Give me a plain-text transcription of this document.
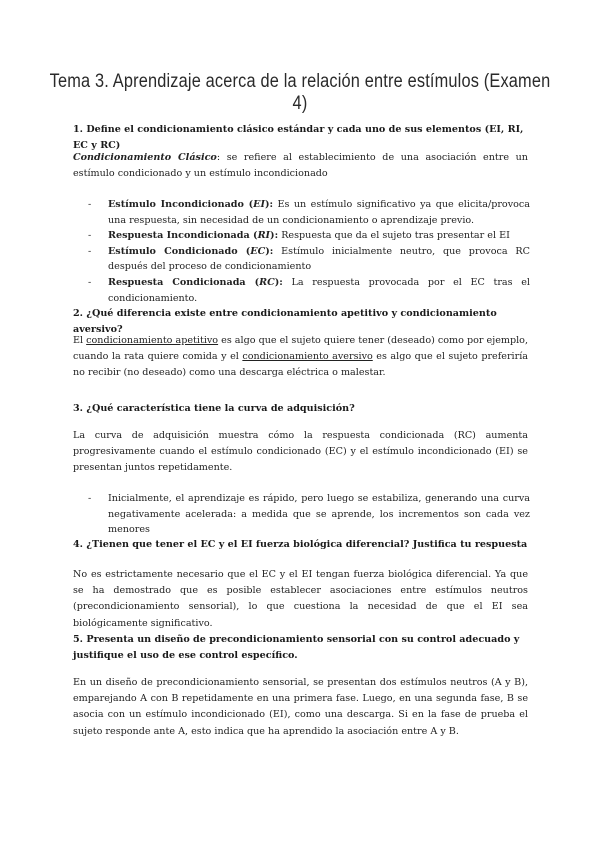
Tema 3. Aprendizaje acerca de la relación entre estímulos (Examen 4)
1. Define el condicionamiento clásico estándar y cada uno de sus elementos (EI, RI, EC y RC)
Condicionamiento Clásico: se refiere al establecimiento de una asociación entre un estímulo condicionado y un estímulo incondicionado
- Estímulo Incondicionado (EI): Es un estímulo significativo ya que elicita/provoca una respuesta, sin necesidad de un condicionamiento o aprendizaje previo.
- Respuesta Incondicionada (RI): Respuesta que da el sujeto tras presentar el EI
- Estímulo Condicionado (EC): Estímulo inicialmente neutro, que provoca RC después del proceso de condicionamiento
- Respuesta Condicionada (RC): La respuesta provocada por el EC tras el condicionamiento.
2. ¿Qué diferencia existe entre condicionamiento apetitivo y condicionamiento aversivo?
El condicionamiento apetitivo es algo que el sujeto quiere tener (deseado) como por ejemplo, cuando la rata quiere comida y el condicionamiento aversivo es algo que el sujeto preferiría no recibir (no deseado) como una descarga eléctrica o malestar.
3. ¿Qué característica tiene la curva de adquisición?
La curva de adquisición muestra cómo la respuesta condicionada (RC) aumenta progresivamente cuando el estímulo condicionado (EC) y el estímulo incondicionado (EI) se presentan juntos repetidamente.
- Inicialmente, el aprendizaje es rápido, pero luego se estabiliza, generando una curva negativamente acelerada: a medida que se aprende, los incrementos son cada vez menores
4. ¿Tienen que tener el EC y el EI fuerza biológica diferencial? Justifica tu respuesta
No es estrictamente necesario que el EC y el EI tengan fuerza biológica diferencial. Ya que se ha demostrado que es posible establecer asociaciones entre estímulos neutros (precondicionamiento sensorial), lo que cuestiona la necesidad de que el EI sea biológicamente significativo.
5. Presenta un diseño de precondicionamiento sensorial con su control adecuado y justifique el uso de ese control específico.
En un diseño de precondicionamiento sensorial, se presentan dos estímulos neutros (A y B), emparejando A con B repetidamente en una primera fase. Luego, en una segunda fase, B se asocia con un estímulo incondicionado (EI), como una descarga. Si en la fase de prueba el sujeto responde ante A, esto indica que ha aprendido la asociación entre A y B.
